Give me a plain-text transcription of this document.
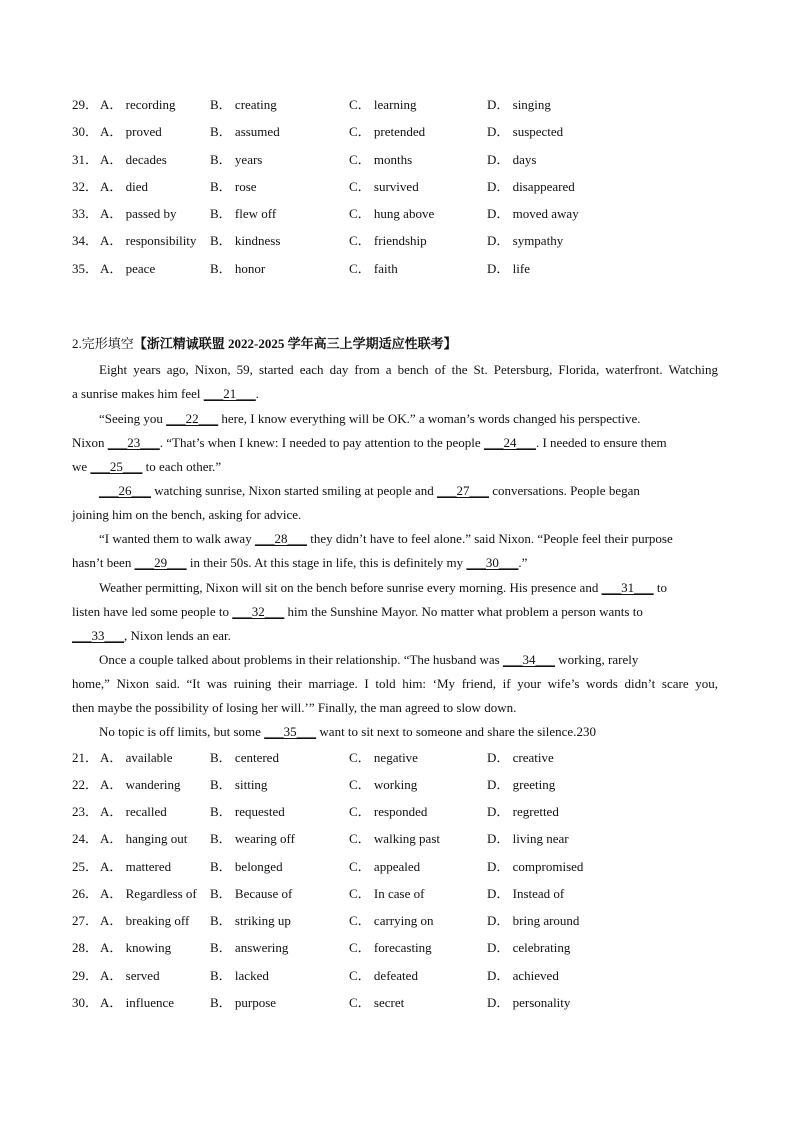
29． A． recording	B． creating	C． learning	D． singing
30． A． proved	B． assumed	C． pretended	D． suspected
31． A． decades	B． years	C． months	D． days
32． A． died	B． rose	C． survived	D． disappeared
33． A． passed by	B． flew off	C． hung above	D． moved away
34． A． responsibility B． kindness	C． friendship	D． sympathy
35． A． peace	B． honor	C． faith	D． life
2.完形填空【浙江精诚联盟 2022-2025 学年高三上学期适应性联考】
Eight years ago, Nixon, 59, started each day from a bench of the St. Petersburg, Florida, waterfront. Watching
a sunrise makes him feel ___21___.
“Seeing you ___22___ here, I know everything will be OK.” a woman’s words changed his perspective.
Nixon ___23___. “That’s when I knew: I needed to pay attention to the people ___24___. I needed to ensure them
we ___25___ to each other.”
___26___ watching sunrise, Nixon started smiling at people and ___27___ conversations. People began
joining him on the bench, asking for advice.
“I wanted them to walk away ___28___ they didn’t have to feel alone.” said Nixon. “People feel their purpose
hasn’t been ___29___ in their 50s. At this stage in life, this is definitely my ___30___.”
Weather permitting, Nixon will sit on the bench before sunrise every morning. His presence and ___31___ to
listen have led some people to ___32___ him the Sunshine Mayor. No matter what problem a person wants to
___33___, Nixon lends an ear.
Once a couple talked about problems in their relationship. “The husband was ___34___ working, rarely
home,” Nixon said. “It was ruining their marriage. I told him: ‘My friend, if your wife’s words didn’t scare you,
then maybe the possibility of losing her will.’” Finally, the man agreed to slow down.
No topic is off limits, but some ___35___ want to sit next to someone and share the silence.230
21． A． available	B． centered	C． negative	D． creative
22． A． wandering B． sitting	C． working	D． greeting
23． A． recalled	B． requested	C． responded	D． regretted
24． A． hanging out B． wearing off	C． walking past	D． living near
25． A． mattered	B． belonged	C． appealed	D． compromised
26． A． Regardless of B． Because of	C． In case of	D． Instead of
27． A． breaking off B． striking up	C． carrying on	D． bring around
28． A． knowing	B． answering	C． forecasting	D． celebrating
29． A． served	B． lacked	C． defeated	D． achieved
30． A． influence	B． purpose	C． secret	D． personality
